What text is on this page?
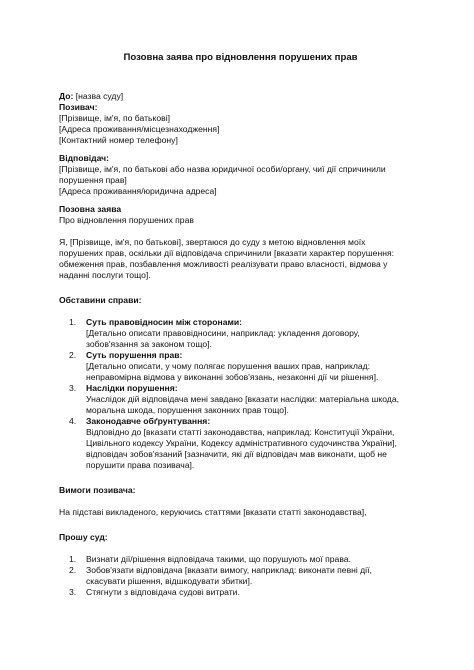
Позовна заява про відновлення порушених прав
До: [назва суду]
Позивач:
[Прізвище, ім'я, по батькові]
[Адреса проживання/місцезнаходження]
[Контактний номер телефону]
Відповідач:
[Прізвище, ім'я, по батькові або назва юридичної особи/органу, чиї дії спричинили
порушення прав]
[Адреса проживання/юридична адреса]
Позовна заява
Про відновлення порушених прав
Я, [Прізвище, ім'я, по батькові], звертаюся до суду з метою відновлення моїх
порушених прав, оскільки дії відповідача спричинили [вказати характер порушення:
обмеження прав, позбавлення можливості реалізувати право власності, відмова у
наданні послуги тощо].
Обставини справи:
1. Суть правовідносин між сторонами:
[Детально описати правовідносини, наприклад: укладення договору,
зобов'язання за законом тощо].
2. Суть порушення прав:
[Детально описати, у чому полягає порушення ваших прав, наприклад:
неправомірна відмова у виконанні зобов'язань, незаконні дії чи рішення].
3. Наслідки порушення:
Унаслідок дій відповідача мені завдано [вказати наслідки: матеріальна шкода,
моральна шкода, порушення законних прав тощо].
4. Законодавче обґрунтування:
Відповідно до [вказати статті законодавства, наприклад: Конституції України,
Цивільного кодексу України, Кодексу адміністративного судочинства України],
відповідач зобов'язаний [зазначити, які дії відповідач мав виконати, щоб не
порушити права позивача].
Вимоги позивача:
На підставі викладеного, керуючись статтями [вказати статті законодавства],
Прошу суд:
1. Визнати дії/рішення відповідача такими, що порушують мої права.
2. Зобов'язати відповідача [вказати вимогу, наприклад: виконати певні дії,
скасувати рішення, відшкодувати збитки].
3. Стягнути з відповідача судові витрати.
